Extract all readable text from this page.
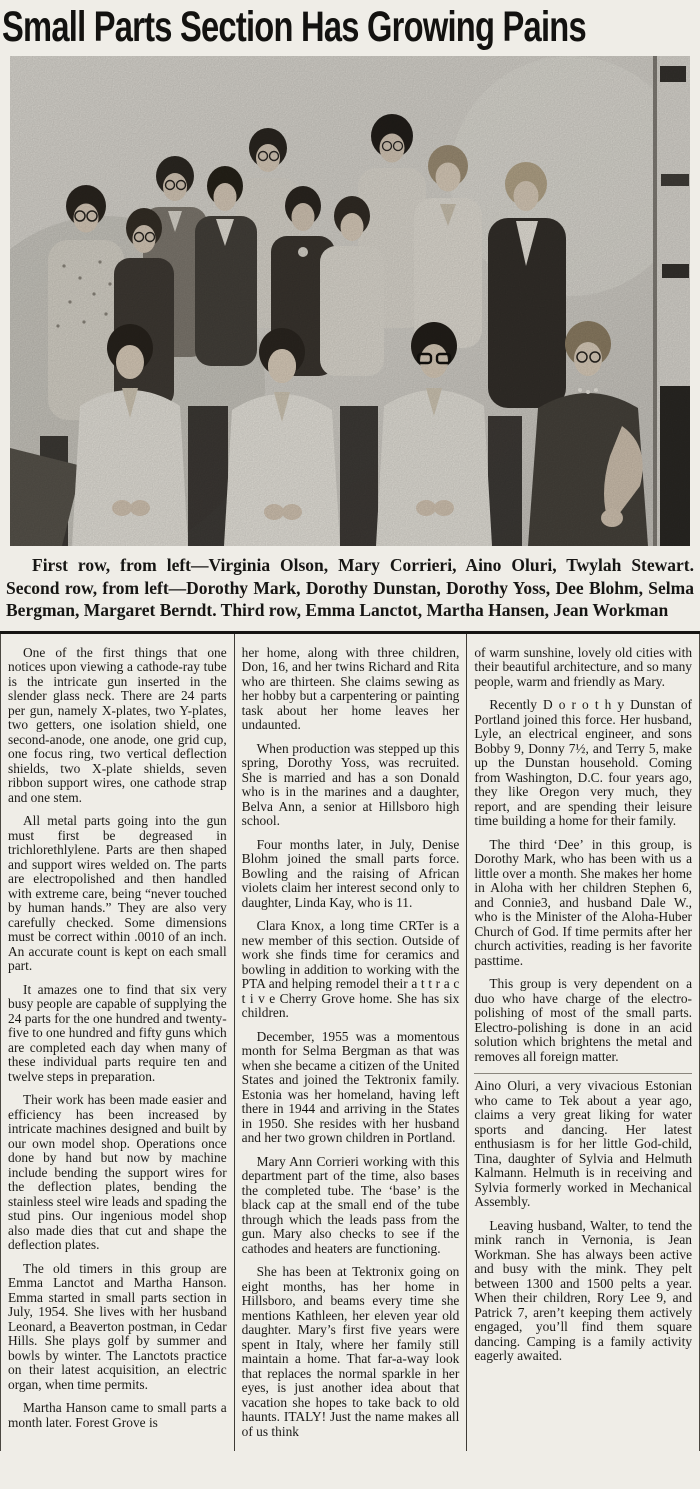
Small Parts Section Has Growing Pains

First row, from left—Virginia Olson, Mary Corrieri, Aino Oluri, Twylah Stewart. Second row, from left—Dorothy Mark, Dorothy Dunstan, Dorothy Yoss, Dee Blohm, Selma Bergman, Margaret Berndt. Third row, Emma Lanctot, Martha Hansen, Jean Workman

One of the first things that one notices upon viewing a cathode-ray tube is the intricate gun inserted in the slender glass neck. There are 24 parts per gun, namely X-plates, two Y-plates, two getters, one isolation shield, one second-anode, one anode, one grid cup, one focus ring, two vertical deflection shields, two X-plate shields, seven ribbon support wires, one cathode strap and one stem.

All metal parts going into the gun must first be degreased in trichlorethlylene. Parts are then shaped and support wires welded on. The parts are electropolished and then handled with extreme care, being “never touched by human hands.” They are also very carefully checked. Some dimensions must be correct within .0010 of an inch. An accurate count is kept on each small part.

It amazes one to find that six very busy people are capable of supplying the 24 parts for the one hundred and twenty-five to one hundred and fifty guns which are completed each day when many of these individual parts require ten and twelve steps in preparation.

Their work has been made easier and efficiency has been increased by intricate machines designed and built by our own model shop. Operations once done by hand but now by machine include bending the support wires for the deflection plates, bending the stainless steel wire leads and spading the stud pins. Our ingenious model shop also made dies that cut and shape the deflection plates.

The old timers in this group are Emma Lanctot and Martha Hanson. Emma started in small parts section in July, 1954. She lives with her husband Leonard, a Beaverton postman, in Cedar Hills. She plays golf by summer and bowls by winter. The Lanctots practice on their latest acquisition, an electric organ, when time permits.

Martha Hanson came to small parts a month later. Forest Grove is

her home, along with three children, Don, 16, and her twins Richard and Rita who are thirteen. She claims sewing as her hobby but a carpentering or painting task about her home leaves her undaunted.

When production was stepped up this spring, Dorothy Yoss, was recruited. She is married and has a son Donald who is in the marines and a daughter, Belva Ann, a senior at Hillsboro high school.

Four months later, in July, Denise Blohm joined the small parts force. Bowling and the raising of African violets claim her interest second only to daughter, Linda Kay, who is 11.

Clara Knox, a long time CRTer is a new member of this section. Outside of work she finds time for ceramics and bowling in addition to working with the PTA and helping remodel their a t t r a c t i v e Cherry Grove home. She has six children.

December, 1955 was a momentous month for Selma Bergman as that was when she became a citizen of the United States and joined the Tektronix family. Estonia was her homeland, having left there in 1944 and arriving in the States in 1950. She resides with her husband and her two grown children in Portland.

Mary Ann Corrieri working with this department part of the time, also bases the completed tube. The ‘base’ is the black cap at the small end of the tube through which the leads pass from the gun. Mary also checks to see if the cathodes and heaters are functioning.

She has been at Tektronix going on eight months, has her home in Hillsboro, and beams every time she mentions Kathleen, her eleven year old daughter. Mary’s first five years were spent in Italy, where her family still maintain a home. That far-a-way look that replaces the normal sparkle in her eyes, is just another idea about that vacation she hopes to take back to old haunts. ITALY! Just the name makes all of us think

of warm sunshine, lovely old cities with their beautiful architecture, and so many people, warm and friendly as Mary.

Recently D o r o t h y Dunstan of Portland joined this force. Her husband, Lyle, an electrical engineer, and sons Bobby 9, Donny 7½, and Terry 5, make up the Dunstan household. Coming from Washington, D.C. four years ago, they like Oregon very much, they report, and are spending their leisure time building a home for their family.

The third ‘Dee’ in this group, is Dorothy Mark, who has been with us a little over a month. She makes her home in Aloha with her children Stephen 6, and Connie3, and husband Dale W., who is the Minister of the Aloha-Huber Church of God. If time permits after her church activities, reading is her favorite pasttime.

This group is very dependent on a duo who have charge of the electro-polishing of most of the small parts. Electro-polishing is done in an acid solution which brightens the metal and removes all foreign matter.

Aino Oluri, a very vivacious Estonian who came to Tek about a year ago, claims a very great liking for water sports and dancing. Her latest enthusiasm is for her little God-child, Tina, daughter of Sylvia and Helmuth Kalmann. Helmuth is in receiving and Sylvia formerly worked in Mechanical Assembly.

Leaving husband, Walter, to tend the mink ranch in Vernonia, is Jean Workman. She has always been active and busy with the mink. They pelt between 1300 and 1500 pelts a year. When their children, Rory Lee 9, and Patrick 7, aren’t keeping them actively engaged, you’ll find them square dancing. Camping is a family activity eagerly awaited.
